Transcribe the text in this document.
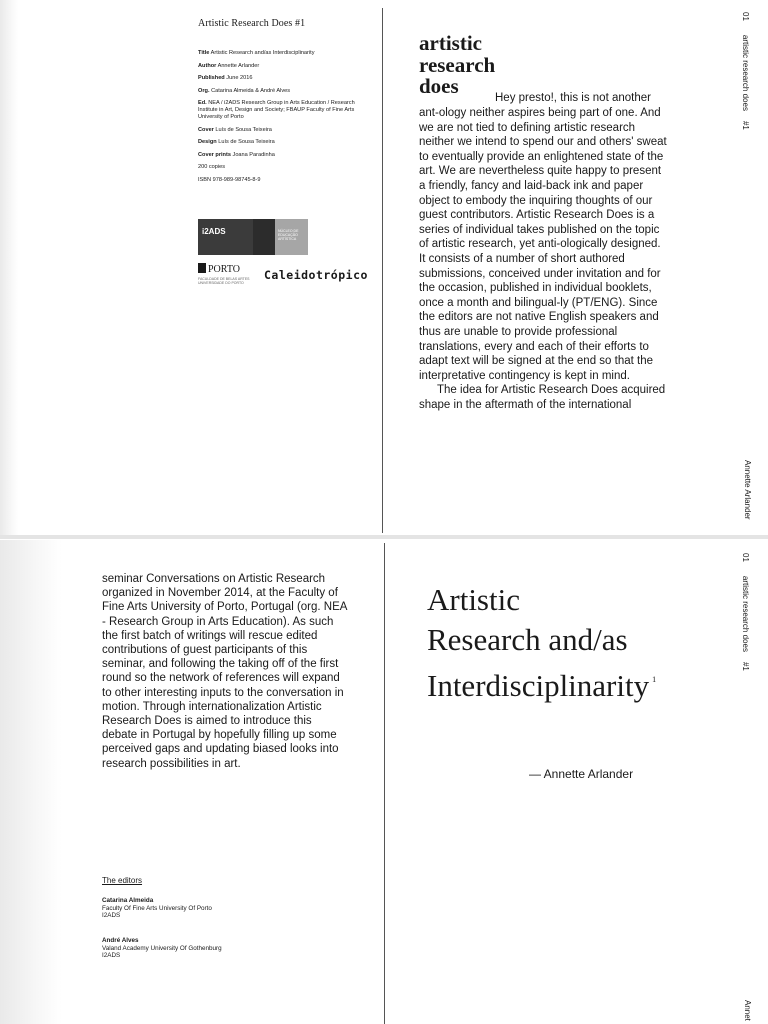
Artistic Research Does #1
Title Artistic Research and/as Interdisciplinarity
Author Annette Arlander
Published June 2016
Org. Catarina Almeida & André Alves
Ed. NEA / i2ADS Research Group in Arts Education / Research Institute in Art, Design and Society; FBAUP Faculty of Fine Arts University of Porto
Cover Luís de Sousa Teixeira
Design Luís de Sousa Teixeira
Cover prints Joana Paradinha
200 copies
ISBN 978-989-98745-8-9
i2ADS	NÚCLEO DE EDUCAÇÃO ARTÍSTICA
PORTO
FACULDADE DE BELAS ARTES UNIVERSIDADE DO PORTO
Caleidotrópico
artistic
research
does	Hey presto!, this is not another

ant-ology neither aspires being part of one. And we are not tied to defining artistic research neither we intend to spend our and others' sweat to eventually provide an enlightened state of the art. We are nevertheless quite happy to present a friendly, fancy and laid-back ink and paper object to embody the inquiring thoughts of our guest contributors. Artistic Research Does is a series of individual takes published on the topic of artistic research, yet anti-ologically designed. It consists of a number of short authored submissions, conceived under invitation and for the occasion, published in individual booklets, once a month and bilingual-ly (PT/ENG). Since the editors are not native English speakers and thus are unable to provide professional translations, every and each of their efforts to adapt text will be signed at the end so that the interpretative contingency is kept in mind.

The idea for Artistic Research Does acquired shape in the aftermath of the international

01artistic research does#1
Annette Arlander
01artistic research does#1
Annet
seminar Conversations on Artistic Research organized in November 2014, at the Faculty of Fine Arts University of Porto, Portugal (org. NEA - Research Group in Arts Education). As such the first batch of writings will rescue edited contributions of guest participants of this seminar, and following the taking off of the first round so the network of references will expand to other interesting inputs to the conversation in motion. Through internationalization Artistic Research Does is aimed to introduce this debate in Portugal by hopefully filling up some perceived gaps and updating biased looks into research possibilities in art.
The editors
Catarina Almeida
Faculty Of Fine Arts University Of Porto
I2ADS
André Alves
Valand Academy University Of Gothenburg
I2ADS
Artistic
Research and/as
Interdisciplinarity $^1$
— Annette Arlander
